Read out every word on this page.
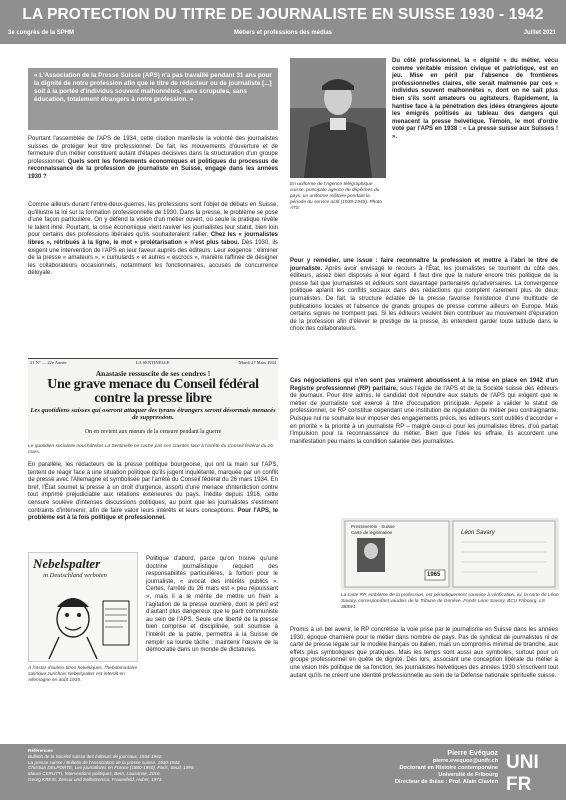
LA PROTECTION DU TITRE DE JOURNALISTE EN SUISSE 1930 - 1942
3e congrès de la SPHM	Métiers et professions des médias	Juillet 2021
« L'Association de la Presse Suisse (APS) n'a pas travaillé pendant 31 ans pour la dignité de notre profession afin que le titre de rédacteur ou de journaliste [...] soit à la portée d'individus souvent malhonnêtes, sans scrupules, sans éducation, totalement étrangers à notre profession. »
Pourtant l'assemblée de l'APS de 1934, cette citation manifeste la volonté des journalistes suisses de protéger leur titre professionnel. De fait, les mouvements d'ouverture et de fermeture d'un métier constituent autant d'étapes décisives dans la structuration d'un groupe professionnel. Quels sont les fondements économiques et politiques du processus de reconnaissance de la profession de journaliste en Suisse, engagé dans les années 1930 ?
Comme ailleurs durant l'entre-deux-guerres, les professions sont l'objet de débats en Suisse, qu'illustre la loi sur la formation professionnelle de 1930. Dans la presse, le problème se pose d'une façon particulière. On y défend la vision d'un métier ouvert, où seule la pratique révèle le talent inné. Pourtant, la crise économique vient raviver les journalistes leur statut, bien loin pour certains des professions libérales qu'ils souhaiteraient rallier. Chez les « journalistes libres », rétribués à la ligne, le mot « prolétarisation » n'est plus tabou. Dès 1930, ils exigent une intervention de l'APS en leur faveur auprès des éditeurs. Leur exigence : éliminer de la presse « amateurs », « cumulards » et autres « escrocs », manière raffinée de désigner les collaborateurs occasionnels, notamment les fonctionnaires, accusés de concurrence déloyale.
21 N° — 22e Année	LA SENTINELLE	Mardi 27 Mars 1934
Anastasie ressuscite de ses cendres !
Une grave menace du Conseil fédéral contre la presse libre
Les quotidiens suisses qui oseront attaquer des tyrans étrangers seront désormais menacés de suppression.
On en revient aux mœurs de la censure pendant la guerre
Le quotidien socialiste neuchâtelois La Sentinelle ne cache pas ses craintes face à l'arrêté du Conseil fédéral du 26 mars.
En parallèle, les rédacteurs de la presse politique bourgeoise, qui ont la main sur l'APS, tentent de réagir face à une situation politique qu'ils jugent inquiétante, marquée par un conflit de presse avec l'Allemagne et symbolisée par l'arrêté du Conseil fédéral du 26 mars 1934. En bref, l'État soumet la presse à un droit d'urgence, assorti d'une menace d'interdiction contre tout imprimé préjudiciable aux relations extérieures du pays. Inédite depuis 1916, cette censure soulève d'intenses discussions politiques, au point que les journalistes s'estiment contraints d'intervenir, afin de faire valoir leurs intérêts et leurs conceptions. Pour l'APS, le problème est à la fois politique et professionnel.
Nebelspalter
in Deutschland verboten
À l'instar d'autres titres helvétiques, l'hebdomadaire satirique zurichois Nebelspalter est interdit en Allemagne en août 1935.
Politique d'abord, parce qu'on trouve qu'une doctrine journalistique requiert des responsabilités particulières, à fortiori pour le journaliste, « avocat des intérêts publics ». Certes, l'arrêté du 26 mars est « peu réjouissant », mais il a le mérite de mettre un frein à l'agitation de la presse ouvrière, dont le péril est d'autant plus dangereux que le parti communiste au sein de l'APS. Seule une liberté de la presse bien comprise et disciplinée, soit soumise à l'intérêt de la patrie, permettra à la Suisse de remplir sa lourde tâche : maintenir l'œuvre de la démocratie dans un monde de dictatures.
En uniforme de l'Agence télégraphique suisse, principale agence de dépêches du pays, un uniforme militaire pendant la période du service actif (1939-1945). Photo ATS
Du côté professionnel, la « dignité » du métier, vécu comme véritable mission civique et patriotique, est en jeu. Mise en péril par l'absence de frontières professionnelles claires, elle serait malmenée par ces « individus souvent malhonnêtes », dont on ne sait plus bien s'ils sont amateurs ou agitateurs. Rapidement, la hantise face à la pénétration des idées étrangères ajoute les émigrés politisés au tableau des dangers qui menacent la presse helvétique. Témoin, le mot d'ordre voté par l'APS en 1938 : « La presse suisse aux Suisses ! ».
Pour y remédier, une issue : faire reconnaître la profession et mettre à l'abri le titre de journaliste. Après avoir envisagé le recours à l'État, les journalistes se tournent du côté des éditeurs, assez bien disposés à leur égard. Il faut dire que la nature encore très politique de la presse fait que journalistes et éditeurs sont davantage partenaires qu'adversaires. La convergence politique aplanit les conflits sociaux dans des rédactions qui comptent rarement plus de deux journalistes. De fait, la structure éclatée de la presse favorise l'existence d'une multitude de publications locales et l'absence de grands groupes de presse comme ailleurs en Europe. Mais certains signes ne trompent pas. Si les éditeurs veulent bien contribuer au mouvement d'épuration de la profession afin d'élever le prestige de la presse, ils entendent garder toute latitude dans le choix des collaborateurs.
Ces négociations qui n'en sont pas vraiment aboutissent à la mise en place en 1942 d'un Registre professionnel (RP) paritaire, sous l'égide de l'APS et de la Société suisse des éditeurs de journaux. Pour être admis, le candidat doit répondre aux statuts de l'APS qui exigent que le métier de journaliste soit exercé à titre d'occupation principale. Appelé à valider le statut de professionnel, ce RP constitue cependant une institution de régulation du métier peu contraignante. Puisque nul ne souhaite leur imposer des engagements précis, les éditeurs sont outillés d'accorder « en priorité » la priorité à un journaliste RP – malgré ceux-ci pour les journalistes libres, d'où partait l'impulsion pour la reconnaissance du métier. Bien que l'idée les effraie, ils accordent une manifestation peu mains la condition salariée des journalistes.
Presseverein · Suisse
Carte de légitimation	Léon Savary
1965
La carte RP, emblème de la profession, est périodiquement soumise à vérification, ici, la carte de Léon Savary, correspondant vaudois de la Tribune de Genève. Fonds Léon Savary, BCU Fribourg, LS 3889/1
Promis à un bel avenir, le RP concrétise la voie prise par le journalisme en Suisse dans les années 1930, époque charnière pour le métier dans nombre de pays. Pas de syndicat de journalistes ni de carte de presse légale sur le modèle français ou italien, mais un compromis minimal de branche, aux effets plus symboliques que pratiques. Mais les temps sont aussi aux symboles, surtout pour un groupe professionnel en quête de dignité. Dès lors, associant une conception libérale du métier à une vision très politique de sa fonction, les journalistes helvétiques des années 1930 s'inscrivent tout autant qu'ils ne créent une identité professionnelle au sein de la Défense nationale spirituelle suisse.
Références
Bulletin de la Société suisse des éditeurs de journaux, 1934-1942.
La presse suisse / Bulletin de l'Association de la presse suisse, 1930-1942.
Christian DELPORTE, Les journalistes en France (1880-1950), Paris, Seuil, 1999.
Mauro CERUTTI, Interventions politiques, Bern, Lausanne, 2016.
Georg KREIS, Zensur und Selbstzensur, Frauenfeld, Huber, 1973.
Pierre Evéquoz
pierre.evequoz@unifr.ch
Doctorant en Histoire contemporaine
Université de Fribourg
Directeur de thèse : Prof. Alain Clavien
UNI
FR
